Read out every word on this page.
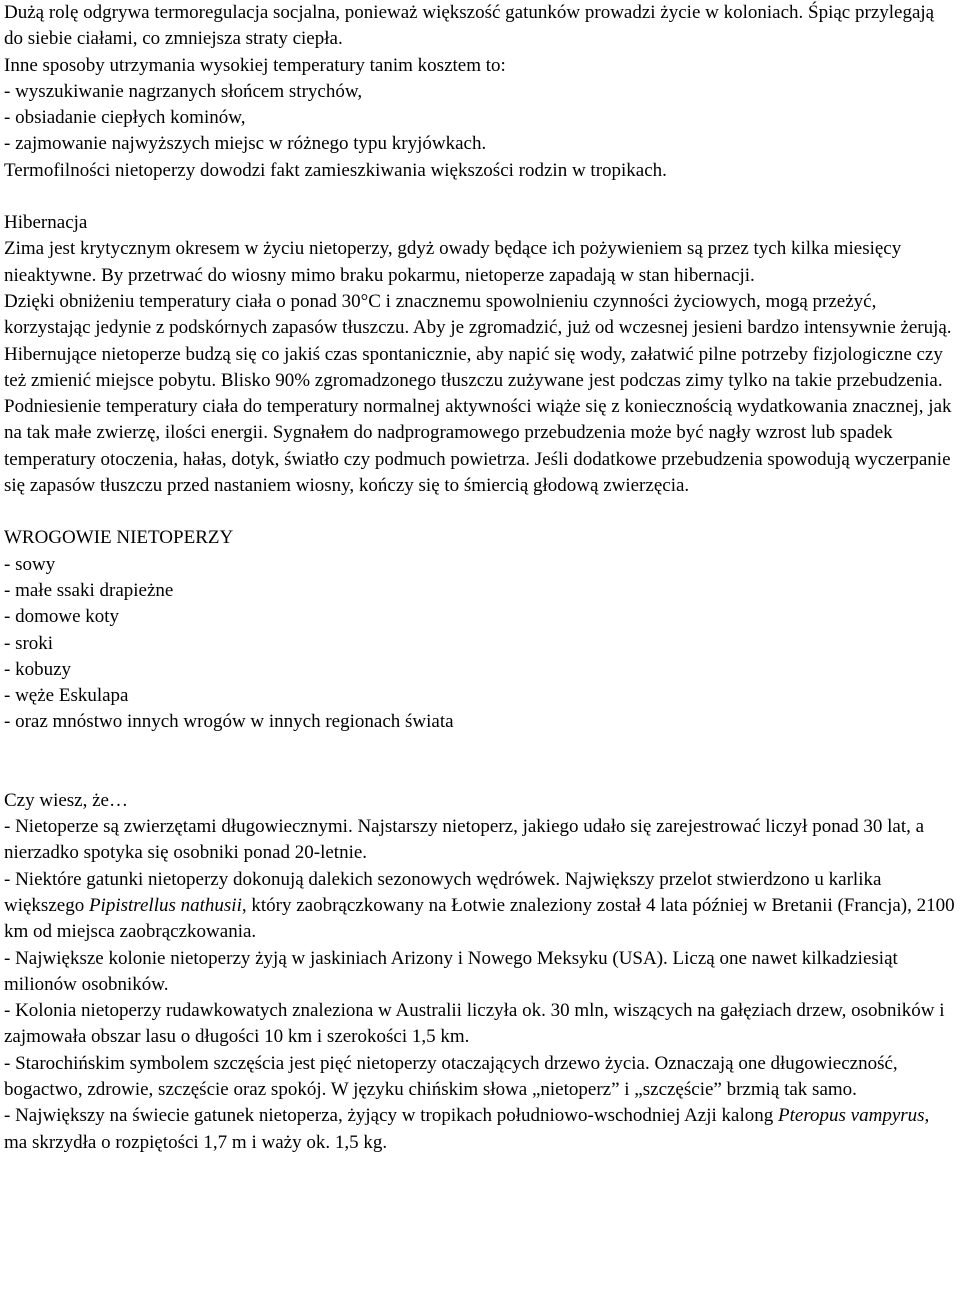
Dużą rolę odgrywa termoregulacja socjalna, ponieważ większość gatunków prowadzi życie w koloniach. Śpiąc przylegają do siebie ciałami, co zmniejsza straty ciepła.

Inne sposoby utrzymania wysokiej temperatury tanim kosztem to:

- wyszukiwanie nagrzanych słońcem strychów,
- obsiadanie ciepłych kominów,
- zajmowanie najwyższych miejsc w różnego typu kryjówkach.

Termofilności nietoperzy dowodzi fakt zamieszkiwania większości rodzin w tropikach.

Hibernacja

Zima jest krytycznym okresem w życiu nietoperzy, gdyż owady będące ich pożywieniem są przez tych kilka miesięcy nieaktywne. By przetrwać do wiosny mimo braku pokarmu, nietoperze zapadają w stan hibernacji.

Dzięki obniżeniu temperatury ciała o ponad 30°C i znacznemu spowolnieniu czynności życiowych, mogą przeżyć, korzystając jedynie z podskórnych zapasów tłuszczu. Aby je zgromadzić, już od wczesnej jesieni bardzo intensywnie żerują.

Hibernujące nietoperze budzą się co jakiś czas spontanicznie, aby napić się wody, załatwić pilne potrzeby fizjologiczne czy też zmienić miejsce pobytu. Blisko 90% zgromadzonego tłuszczu zużywane jest podczas zimy tylko na takie przebudzenia. Podniesienie temperatury ciała do temperatury normalnej aktywności wiąże się z koniecznością wydatkowania znacznej, jak na tak małe zwierzę, ilości energii. Sygnałem do nadprogramowego przebudzenia może być nagły wzrost lub spadek temperatury otoczenia, hałas, dotyk, światło czy podmuch powietrza. Jeśli dodatkowe przebudzenia spowodują wyczerpanie się zapasów tłuszczu przed nastaniem wiosny, kończy się to śmiercią głodową zwierzęcia.

WROGOWIE NIETOPERZY

- sowy
- małe ssaki drapieżne
- domowe koty
- sroki
- kobuzy
- węże Eskulapa
- oraz mnóstwo innych wrogów w innych regionach świata

Czy wiesz, że…

- Nietoperze są zwierzętami długowiecznymi. Najstarszy nietoperz, jakiego udało się zarejestrować liczył ponad 30 lat, a nierzadko spotyka się osobniki ponad 20-letnie.

- Niektóre gatunki nietoperzy dokonują dalekich sezonowych wędrówek. Największy przelot stwierdzono u karlika większego Pipistrellus nathusii, który zaobrączkowany na Łotwie znaleziony został 4 lata później w Bretanii (Francja), 2100 km od miejsca zaobrączkowania.

- Największe kolonie nietoperzy żyją w jaskiniach Arizony i Nowego Meksyku (USA). Liczą one nawet kilkadziesiąt milionów osobników.

- Kolonia nietoperzy rudawkowatych znaleziona w Australii liczyła ok. 30 mln, wiszących na gałęziach drzew, osobników i zajmowała obszar lasu o długości 10 km i szerokości 1,5 km.

- Starochińskim symbolem szczęścia jest pięć nietoperzy otaczających drzewo życia. Oznaczają one długowieczność, bogactwo, zdrowie, szczęście oraz spokój. W języku chińskim słowa „nietoperz” i „szczęście” brzmią tak samo.

- Największy na świecie gatunek nietoperza, żyjący w tropikach południowo-wschodniej Azji kalong Pteropus vampyrus, ma skrzydła o rozpiętości 1,7 m i waży ok. 1,5 kg.
